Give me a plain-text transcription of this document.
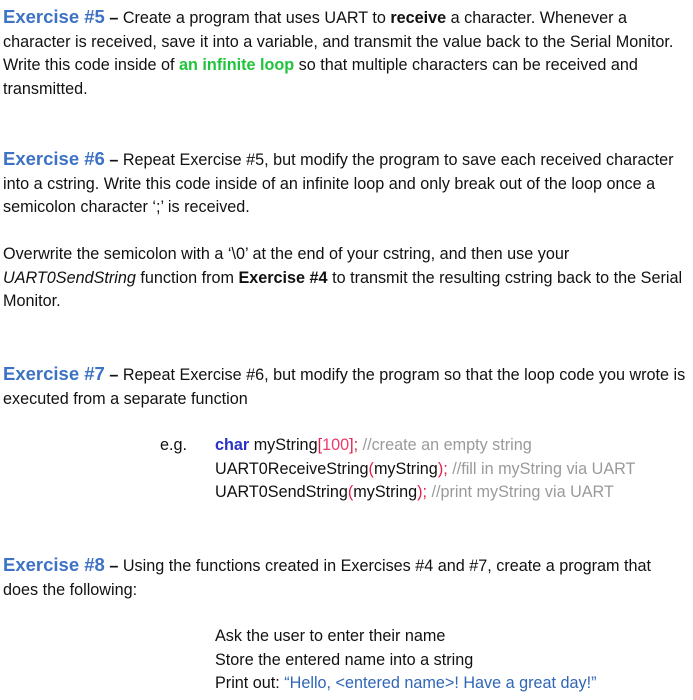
Exercise #5 – Create a program that uses UART to receive a character. Whenever a character is received, save it into a variable, and transmit the value back to the Serial Monitor. Write this code inside of an infinite loop so that multiple characters can be received and transmitted.
Exercise #6 – Repeat Exercise #5, but modify the program to save each received character into a cstring. Write this code inside of an infinite loop and only break out of the loop once a semicolon character ‘;’ is received.
Overwrite the semicolon with a ‘\0’ at the end of your cstring, and then use your UART0SendString function from Exercise #4 to transmit the resulting cstring back to the Serial Monitor.
Exercise #7 – Repeat Exercise #6, but modify the program so that the loop code you wrote is executed from a separate function
e.g. char myString[100]; //create an empty string
UART0ReceiveString(myString); //fill in myString via UART
UART0SendString(myString); //print myString via UART
Exercise #8 – Using the functions created in Exercises #4 and #7, create a program that does the following:
Ask the user to enter their name
Store the entered name into a string
Print out: “Hello, <entered name>! Have a great day!”
